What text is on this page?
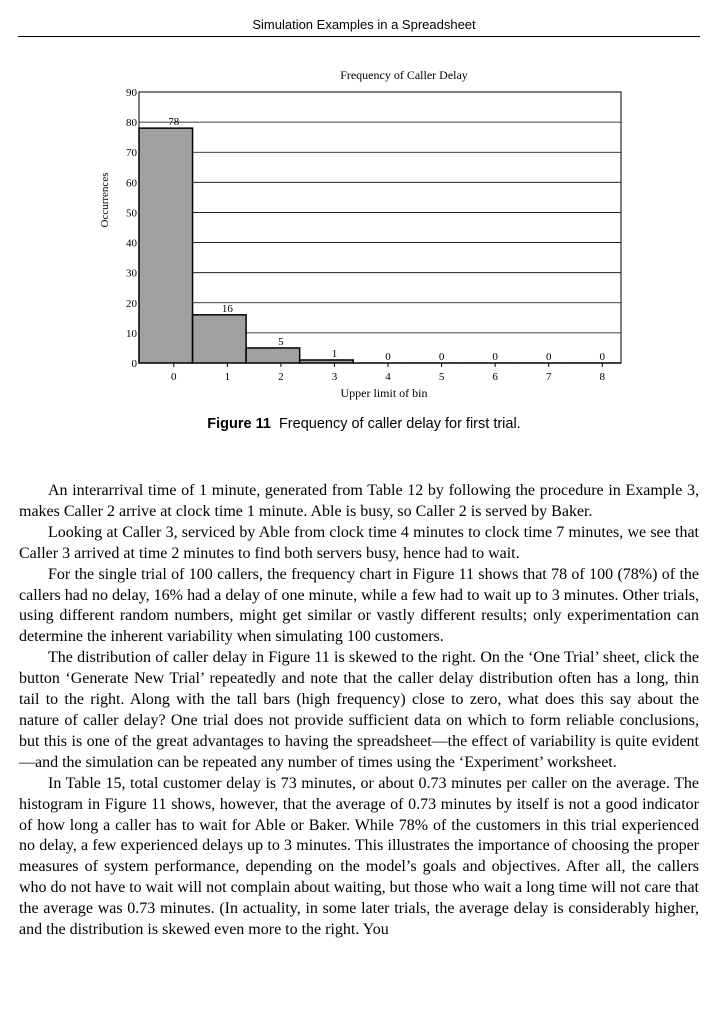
Simulation Examples in a Spreadsheet
0
10
20
30
40
50
60
70
80
90
78
16
5
1	0	0	0	0	0
0	1	2	3	4	5	6	7	8
Frequency of Caller Delay
Upper limit of bin
Occurrences
Figure 11 Frequency of caller delay for first trial.

An interarrival time of 1 minute, generated from Table 12 by following the procedure in Example 3, makes Caller 2 arrive at clock time 1 minute. Able is busy, so Caller 2 is served by Baker.

Looking at Caller 3, serviced by Able from clock time 4 minutes to clock time 7 minutes, we see that Caller 3 arrived at time 2 minutes to find both servers busy, hence had to wait.

For the single trial of 100 callers, the frequency chart in Figure 11 shows that 78 of 100 (78%) of the callers had no delay, 16% had a delay of one minute, while a few had to wait up to 3 minutes. Other trials, using different random numbers, might get similar or vastly different results; only experimentation can determine the inherent variability when simulating 100 customers.

The distribution of caller delay in Figure 11 is skewed to the right. On the ‘One Trial’ sheet, click the button ‘Generate New Trial’ repeatedly and note that the caller delay distribution often has a long, thin tail to the right. Along with the tall bars (high frequency) close to zero, what does this say about the nature of caller delay? One trial does not provide sufficient data on which to form reliable conclusions, but this is one of the great advantages to having the spreadsheet—the effect of variability is quite evident—and the simulation can be repeated any number of times using the ‘Experiment’ worksheet.

In Table 15, total customer delay is 73 minutes, or about 0.73 minutes per caller on the average. The histogram in Figure 11 shows, however, that the average of 0.73 minutes by itself is not a good indicator of how long a caller has to wait for Able or Baker. While 78% of the customers in this trial experienced no delay, a few experienced delays up to 3 minutes. This illustrates the importance of choosing the proper measures of system performance, depending on the model’s goals and objectives. After all, the callers who do not have to wait will not complain about waiting, but those who wait a long time will not care that the average was 0.73 minutes. (In actuality, in some later trials, the average delay is considerably higher, and the distribution is skewed even more to the right. You
